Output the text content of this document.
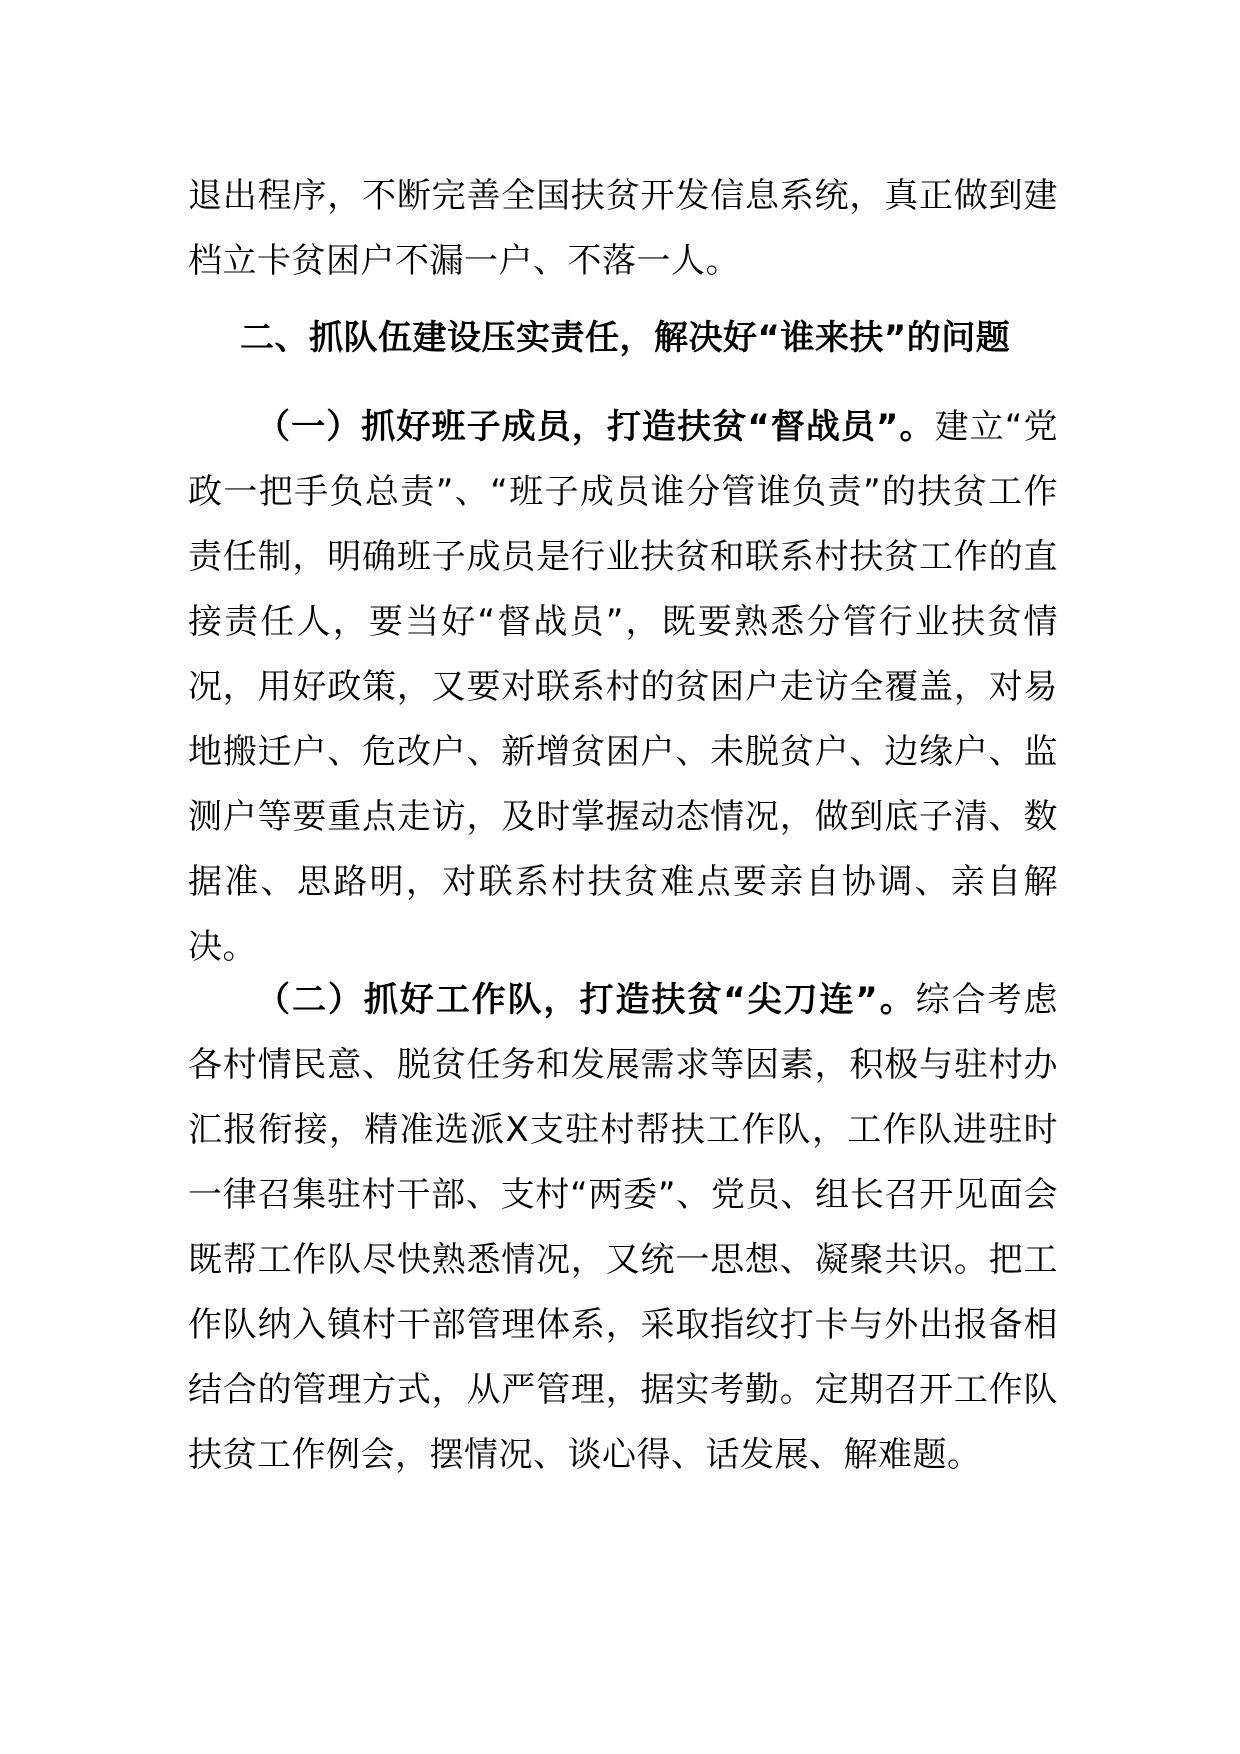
退出程序，不断完善全国扶贫开发信息系统，真正做到建档立卡贫困户不漏一户、不落一人。

二、抓队伍建设压实责任，解决好“谁来扶”的问题

（一）抓好班子成员，打造扶贫“督战员”。建立“党政一把手负总责”、“班子成员谁分管谁负责”的扶贫工作责任制，明确班子成员是行业扶贫和联系村扶贫工作的直接责任人，要当好“督战员”，既要熟悉分管行业扶贫情况，用好政策，又要对联系村的贫困户走访全覆盖，对易地搬迁户、危改户、新增贫困户、未脱贫户、边缘户、监测户等要重点走访，及时掌握动态情况，做到底子清、数据准、思路明，对联系村扶贫难点要亲自协调、亲自解决。

（二）抓好工作队，打造扶贫“尖刀连”。综合考虑各村情民意、脱贫任务和发展需求等因素，积极与驻村办汇报衔接，精准选派X支驻村帮扶工作队，工作队进驻时一律召集驻村干部、支村“两委”、党员、组长召开见面会既帮工作队尽快熟悉情况，又统一思想、凝聚共识。把工作队纳入镇村干部管理体系，采取指纹打卡与外出报备相结合的管理方式，从严管理，据实考勤。定期召开工作队扶贫工作例会，摆情况、谈心得、话发展、解难题。
